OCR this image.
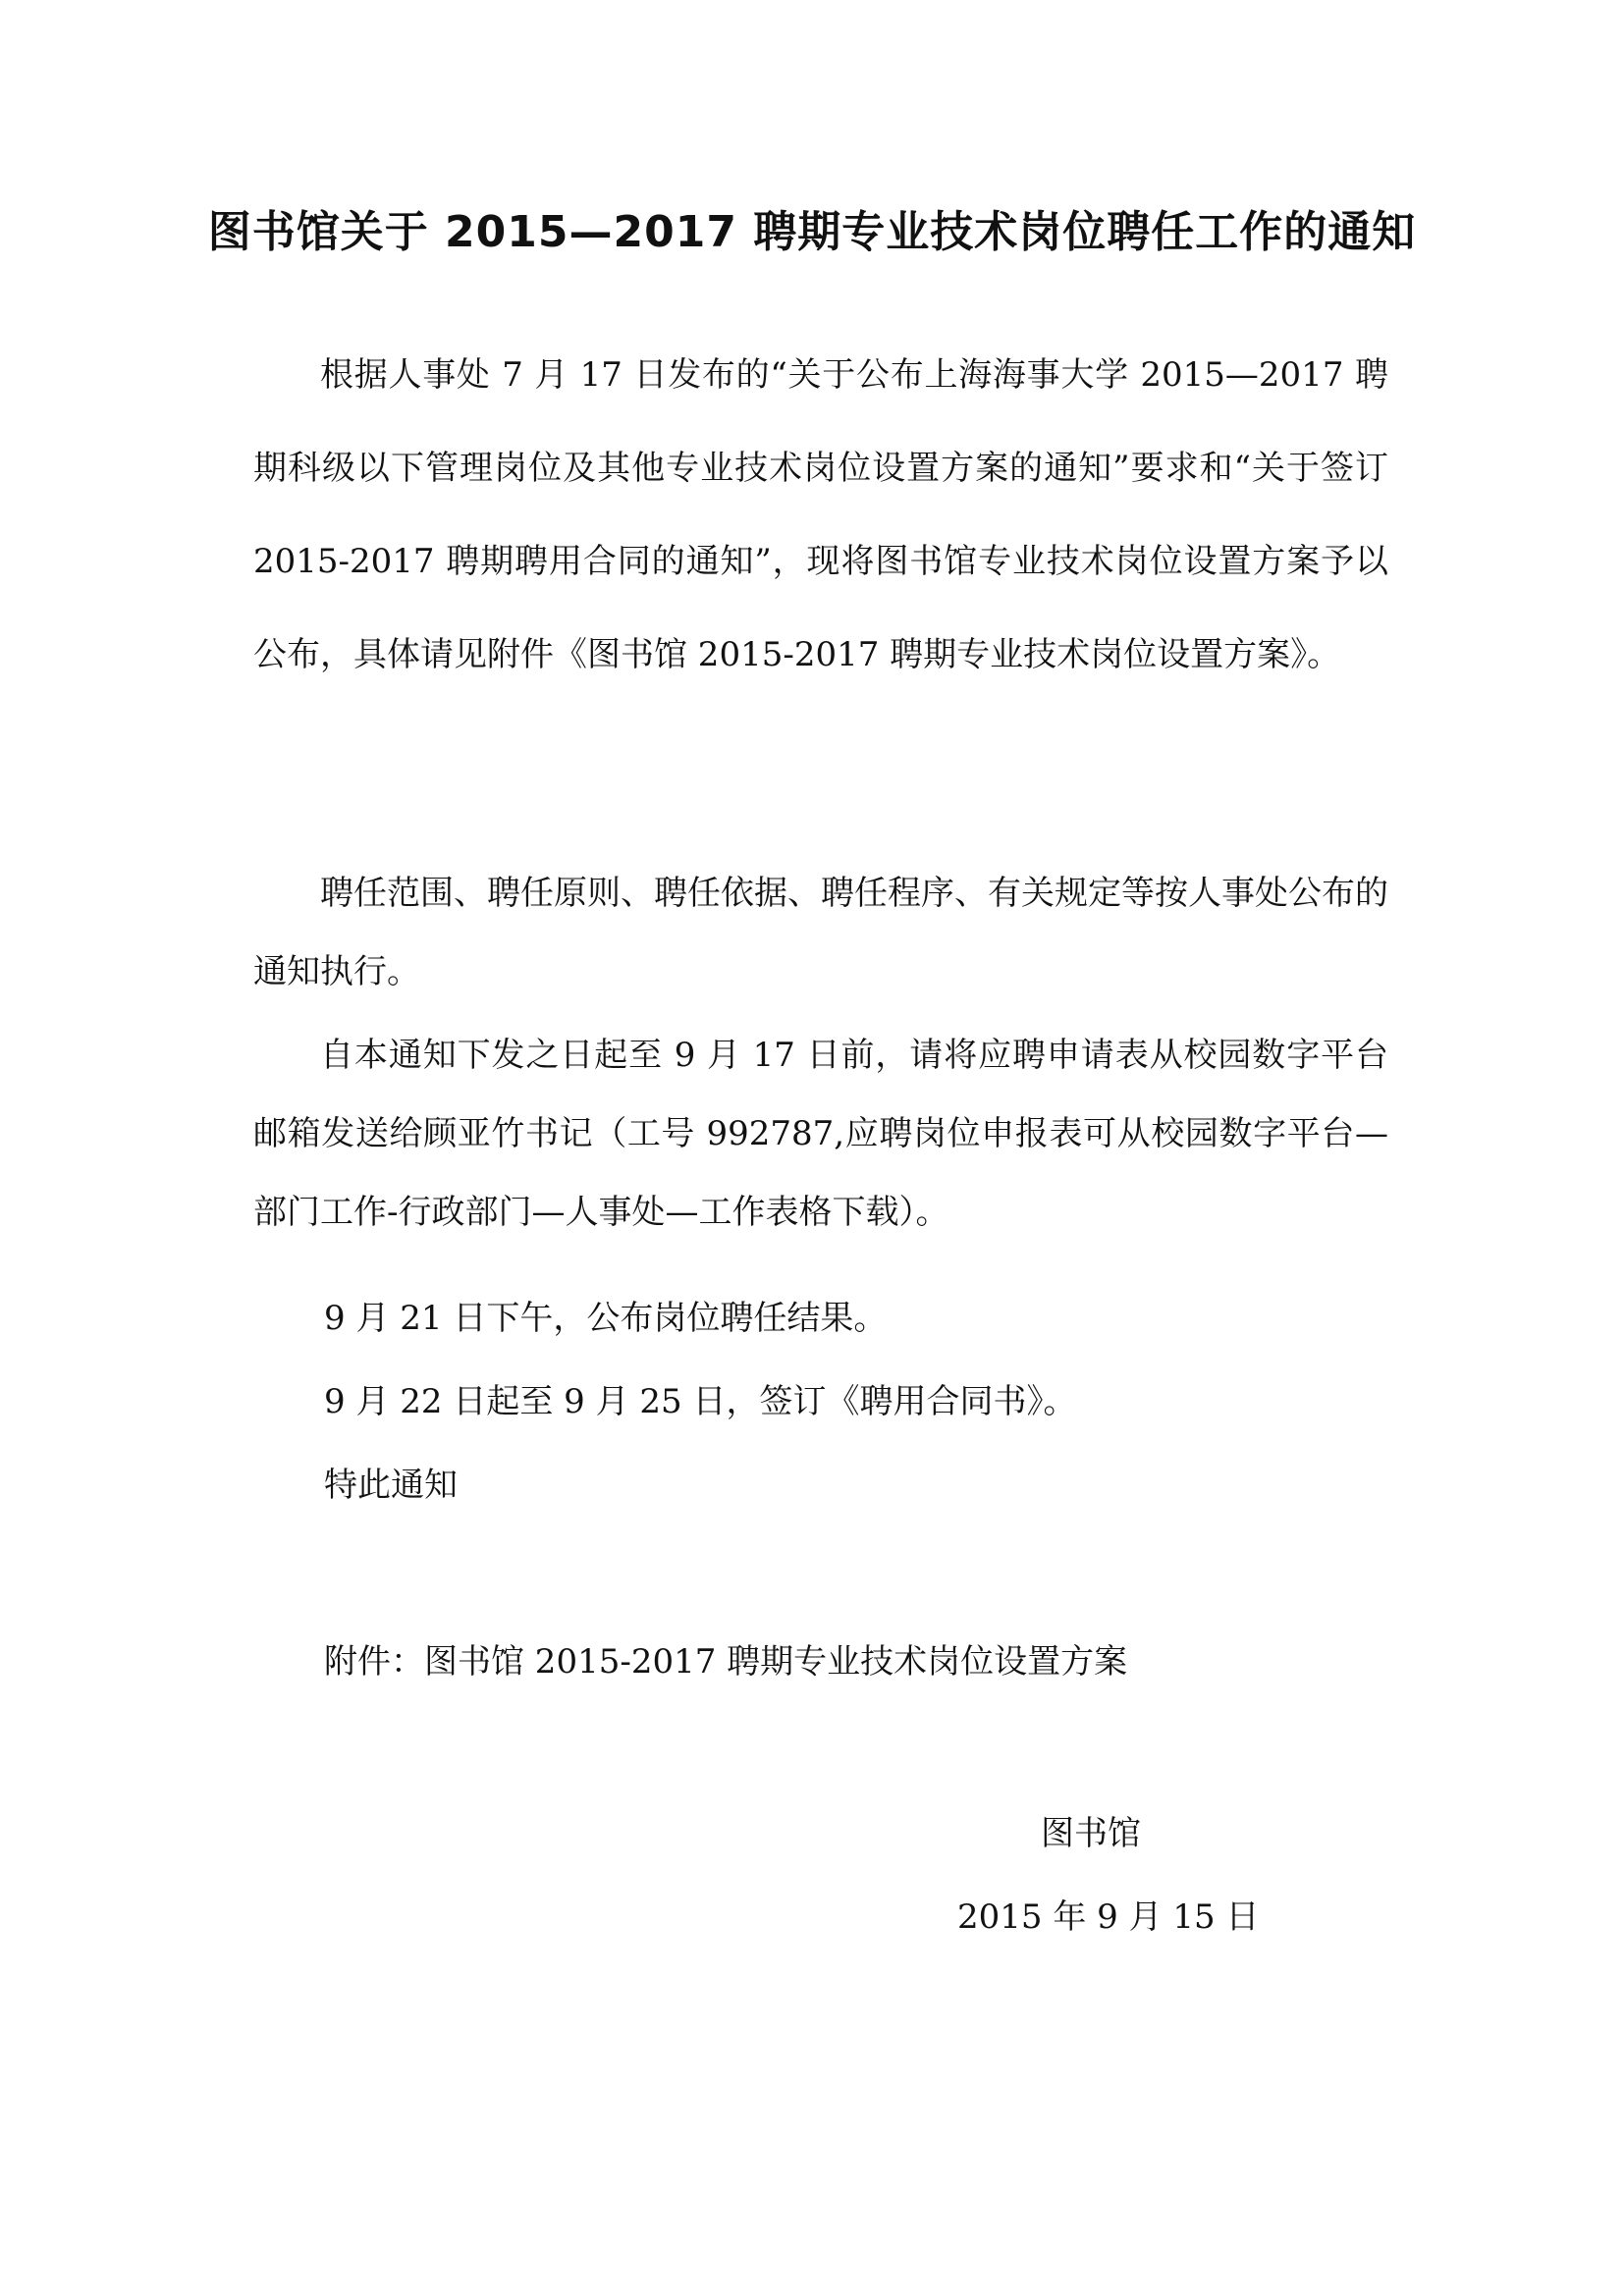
图书馆关于 2015—2017 聘期专业技术岗位聘任工作的通知

根据人事处 7 月 17 日发布的“关于公布上海海事大学 2015—2017 聘期科级以下管理岗位及其他专业技术岗位设置方案的通知”要求和“关于签订 2015-2017 聘期聘用合同的通知”，现将图书馆专业技术岗位设置方案予以公布，具体请见附件《图书馆 2015-2017 聘期专业技术岗位设置方案》。

聘任范围、聘任原则、聘任依据、聘任程序、有关规定等按人事处公布的通知执行。

自本通知下发之日起至 9 月 17 日前，请将应聘申请表从校园数字平台邮箱发送给顾亚竹书记（工号 992787,应聘岗位申报表可从校园数字平台—部门工作-行政部门—人事处—工作表格下载）。

9 月 21 日下午，公布岗位聘任结果。

9 月 22 日起至 9 月 25 日，签订《聘用合同书》。

特此通知

附件：图书馆 2015-2017 聘期专业技术岗位设置方案

图书馆
2015 年 9 月 15 日
